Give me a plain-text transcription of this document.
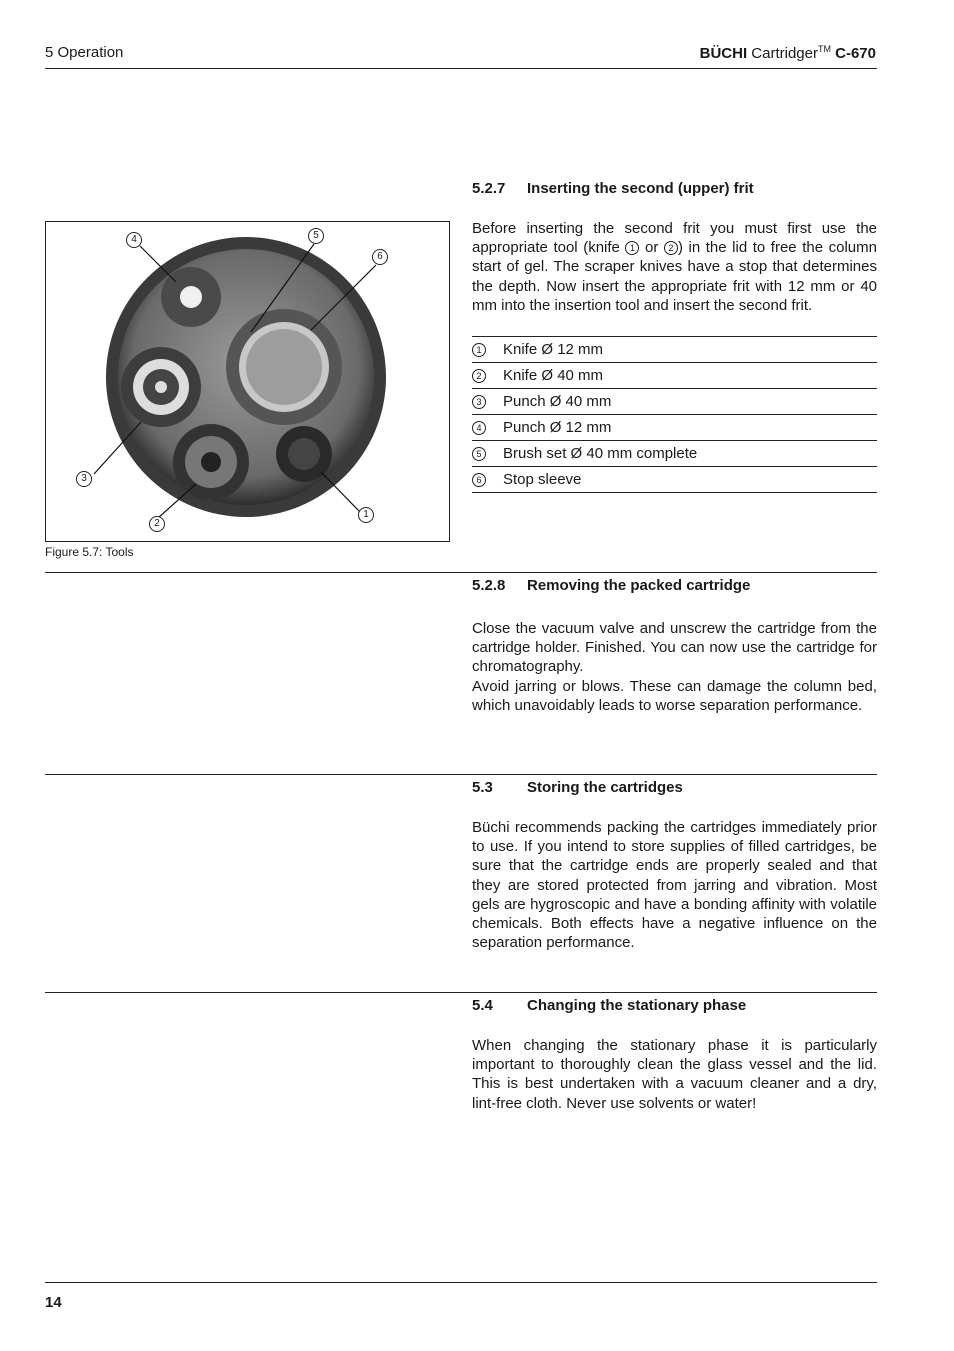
5 Operation	BÜCHI Cartridger™ C-670
5.2.7 Inserting the second (upper) frit

Before inserting the second frit you must first use the appropriate tool (knife 1 or 2 ) in the lid to free the column start of gel. The scraper knives have a stop that determines the depth. Now insert the appropriate frit with 12 mm or 40 mm into the insertion tool and insert the second frit.

1	Knife Ø 12 mm
2	Knife Ø 40 mm
3	Punch Ø 40 mm
4	Punch Ø 12 mm
5	Brush set Ø 40 mm complete
6	Stop sleeve
4	5
6
3
2
1
Figure 5.7: Tools
5.2.8 Removing the packed cartridge

Close the vacuum valve and unscrew the cartridge from the cartridge holder. Finished. You can now use the cartridge for chromatography.

Avoid jarring or blows. These can damage the column bed, which unavoidably leads to worse separation performance.

5.3 Storing the cartridges

Büchi recommends packing the cartridges immediately prior to use. If you intend to store supplies of filled cartridges, be sure that the cartridge ends are properly sealed and that they are stored protected from jarring and vibration. Most gels are hygroscopic and have a bonding affinity with volatile chemicals. Both effects have a negative influence on the separation performance.

5.4 Changing the stationary phase

When changing the stationary phase it is particularly important to thoroughly clean the glass vessel and the lid. This is best undertaken with a vacuum cleaner and a dry, lint-free cloth. Never use solvents or water!

14
